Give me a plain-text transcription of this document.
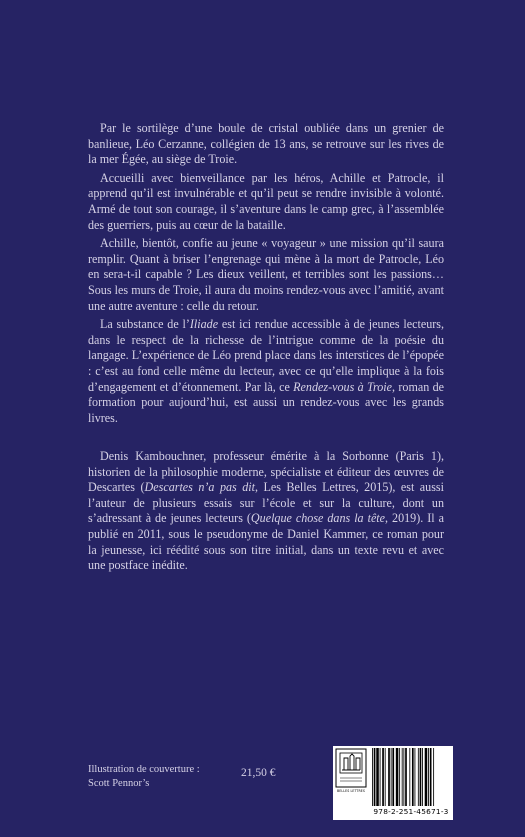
Par le sortilège d’une boule de cristal oubliée dans un grenier de banlieue, Léo Cerzanne, collégien de 13 ans, se retrouve sur les rives de la mer Égée, au siège de Troie.

Accueilli avec bienveillance par les héros, Achille et Patrocle, il apprend qu’il est invulnérable et qu’il peut se rendre invisible à volonté. Armé de tout son courage, il s’aventure dans le camp grec, à l’assemblée des guerriers, puis au cœur de la bataille.

Achille, bientôt, confie au jeune « voyageur » une mission qu’il saura remplir. Quant à briser l’engrenage qui mène à la mort de Patrocle, Léo en sera-t-il capable ? Les dieux veillent, et terribles sont les passions… Sous les murs de Troie, il aura du moins rendez-vous avec l’amitié, avant une autre aventure : celle du retour.

La substance de l’Iliade est ici rendue accessible à de jeunes lecteurs, dans le respect de la richesse de l’intrigue comme de la poésie du langage. L’expérience de Léo prend place dans les interstices de l’épopée : c’est au fond celle même du lecteur, avec ce qu’elle implique à la fois d’engagement et d’étonnement. Par là, ce Rendez-vous à Troie, roman de formation pour aujourd’hui, est aussi un rendez-vous avec les grands livres.

Denis Kambouchner, professeur émérite à la Sorbonne (Paris 1), historien de la philosophie moderne, spécialiste et éditeur des œuvres de Descartes (Descartes n’a pas dit, Les Belles Lettres, 2015), est aussi l’auteur de plusieurs essais sur l’école et sur la culture, dont un s’adressant à de jeunes lecteurs (Quelque chose dans la tête, 2019). Il a publié en 2011, sous le pseudonyme de Daniel Kammer, ce roman pour la jeunesse, ici réédité sous son titre initial, dans un texte revu et avec une postface inédite.

Illustration de couverture :
Scott Pennor’s
21,50 €
BELLES LETTRES
978-2-251-45671-3
